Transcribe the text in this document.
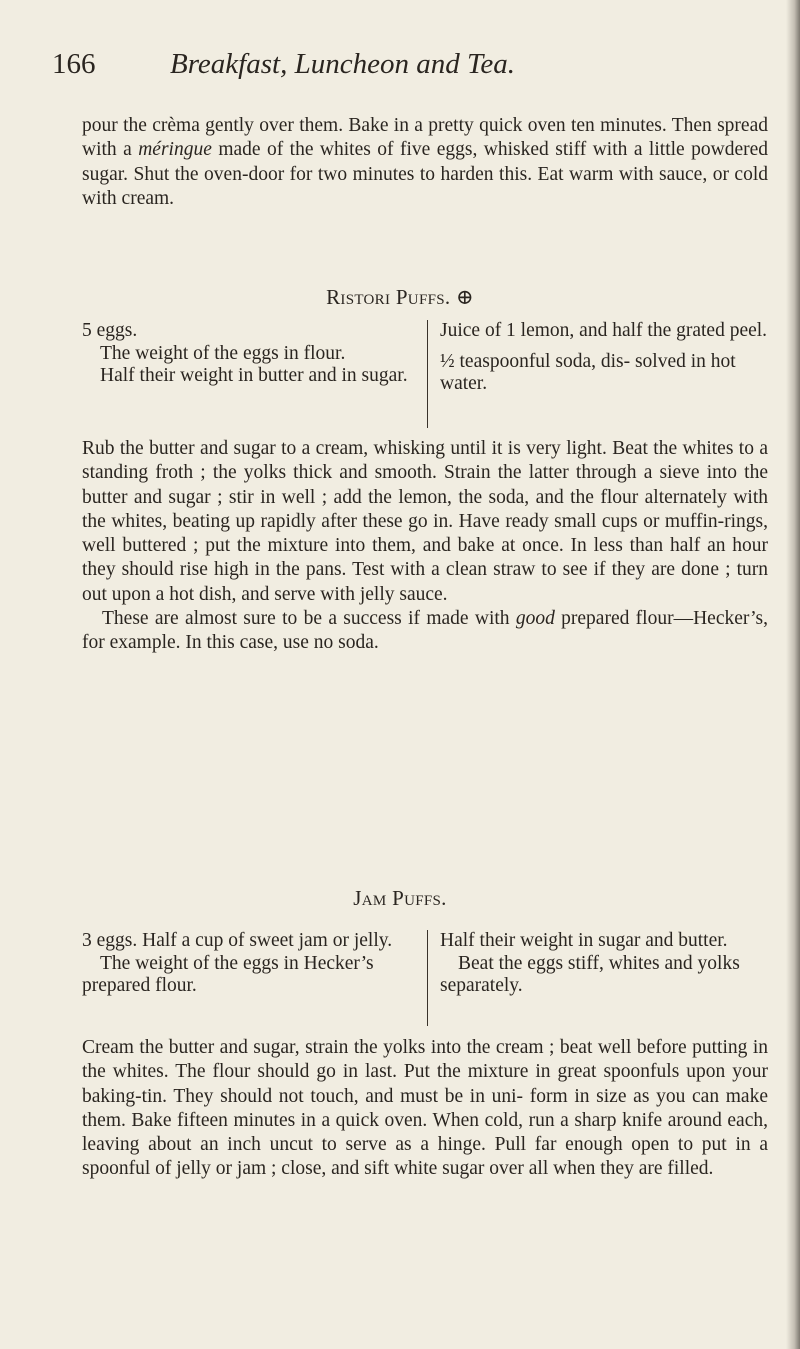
166	Breakfast, Luncheon and Tea.
pour the crèma gently over them. Bake in a pretty quick oven ten minutes. Then spread with a méringue made of the whites of five eggs, whisked stiff with a little powdered sugar. Shut the oven-door for two minutes to harden this. Eat warm with sauce, or cold with cream.
Ristori Puffs. ⊕
5 eggs.
The weight of the eggs in flour.
Half their weight in butter and in sugar.
Juice of 1 lemon, and half the grated peel.
½ teaspoonful soda, dis- solved in hot water.
Rub the butter and sugar to a cream, whisking until it is very light. Beat the whites to a standing froth ; the yolks thick and smooth. Strain the latter through a sieve into the butter and sugar ; stir in well ; add the lemon, the soda, and the flour alternately with the whites, beating up rapidly after these go in. Have ready small cups or muffin-rings, well buttered ; put the mixture into them, and bake at once. In less than half an hour they should rise high in the pans. Test with a clean straw to see if they are done ; turn out upon a hot dish, and serve with jelly sauce.
These are almost sure to be a success if made with good prepared flour—Hecker’s, for example. In this case, use no soda.
Jam Puffs.
3 eggs. Half a cup of sweet jam or jelly.
The weight of the eggs in Hecker’s prepared flour.
Half their weight in sugar and butter.
Beat the eggs stiff, whites and yolks separately.
Cream the butter and sugar, strain the yolks into the cream ; beat well before putting in the whites. The flour should go in last. Put the mixture in great spoonfuls upon your baking-tin. They should not touch, and must be in uni- form in size as you can make them. Bake fifteen minutes in a quick oven. When cold, run a sharp knife around each, leaving about an inch uncut to serve as a hinge. Pull far enough open to put in a spoonful of jelly or jam ; close, and sift white sugar over all when they are filled.
